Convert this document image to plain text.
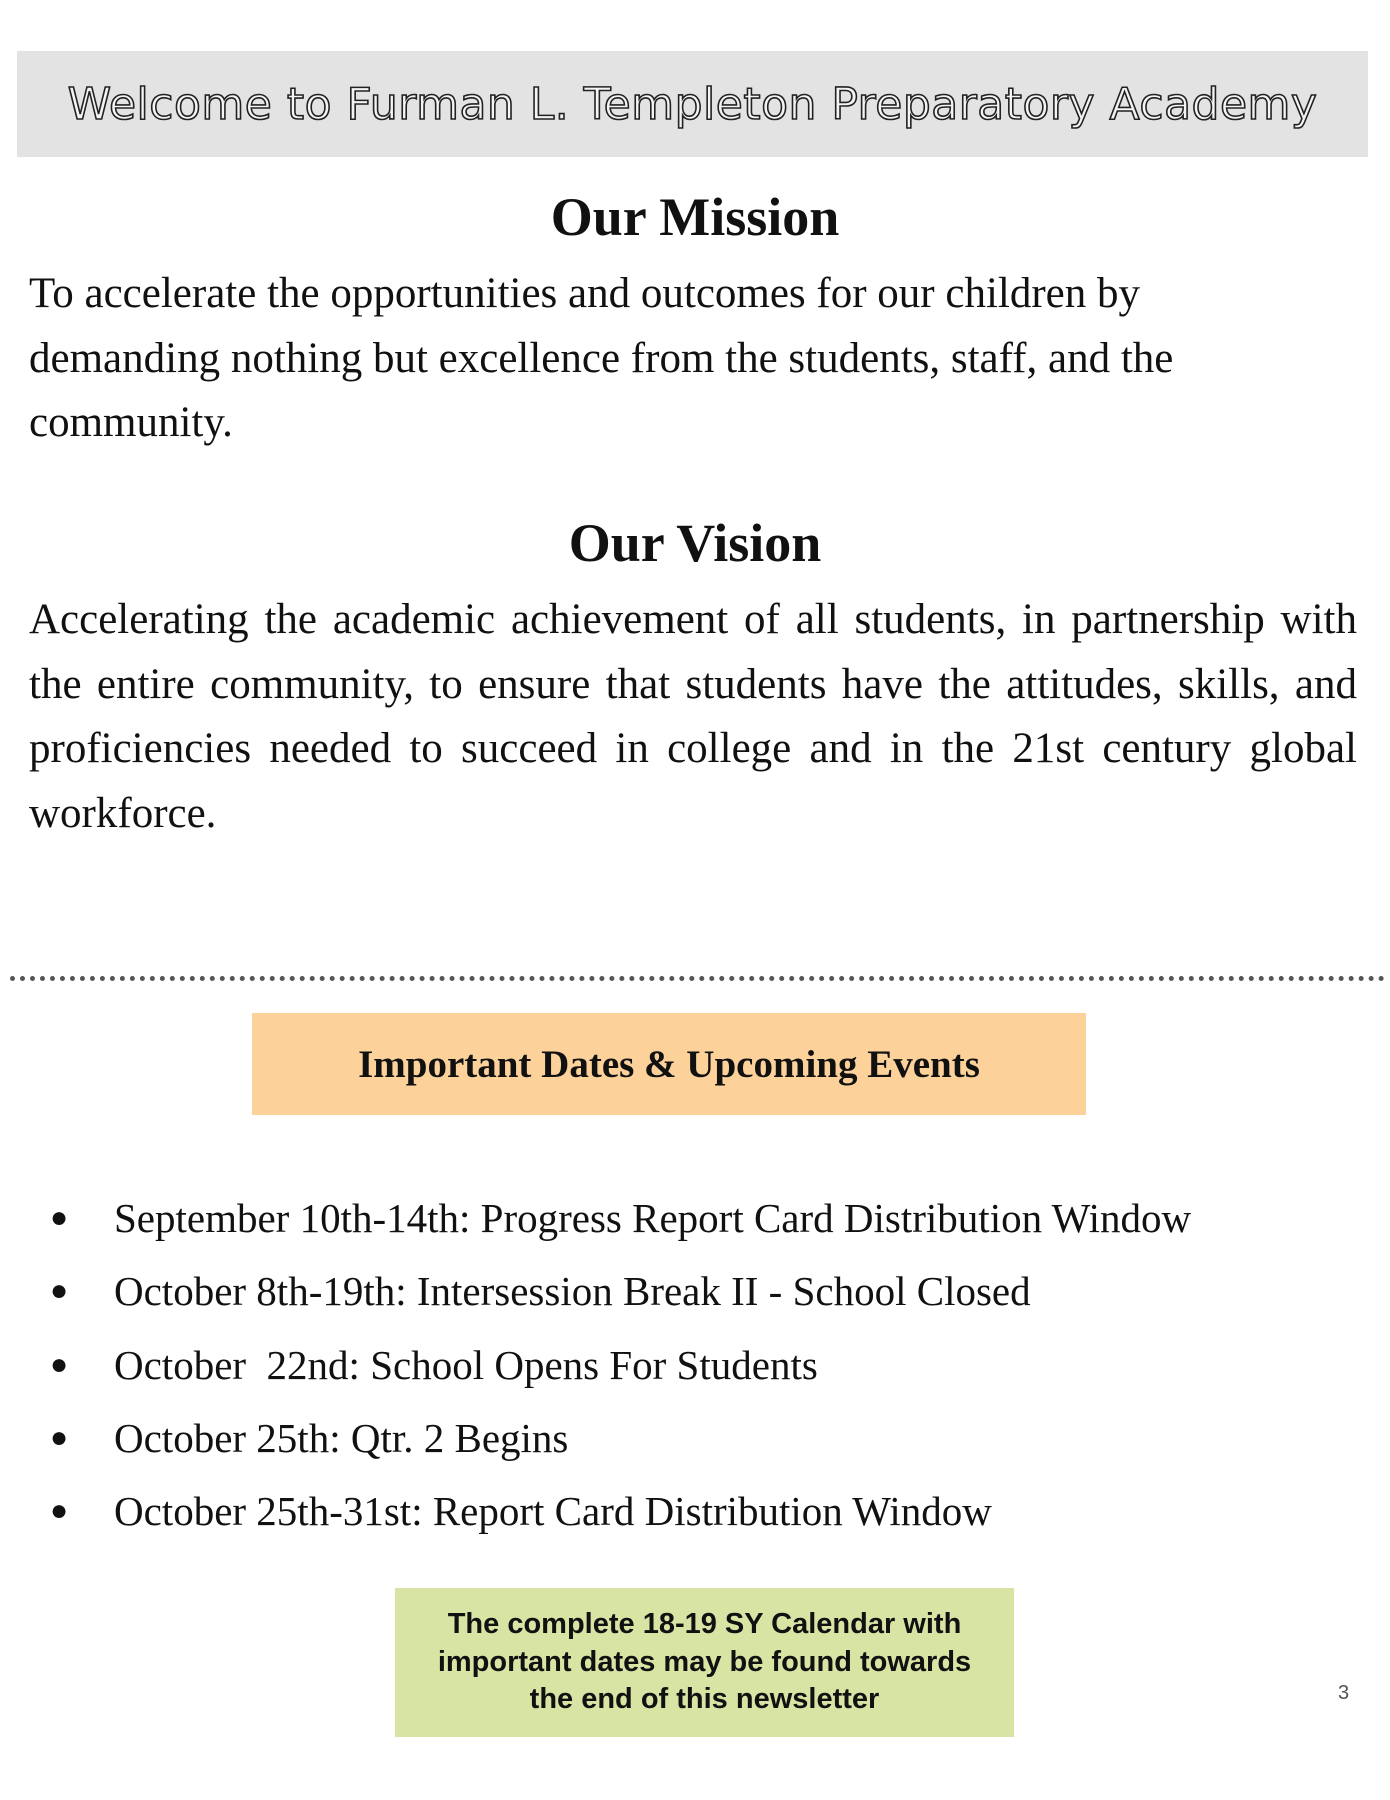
Welcome to Furman L. Templeton Preparatory Academy
Our Mission
To accelerate the opportunities and outcomes for our children by demanding nothing but excellence from the students, staff, and the community.
Our Vision
Accelerating the academic achievement of all students, in partnership with the entire community, to ensure that students have the attitudes, skills, and proficiencies needed to succeed in college and in the 21st century global workforce.
Important Dates & Upcoming Events
● September 10th-14th: Progress Report Card Distribution Window
● October 8th-19th: Intersession Break II - School Closed
● October  22nd: School Opens For Students
● October 25th: Qtr. 2 Begins
● October 25th-31st: Report Card Distribution Window
The complete 18-19 SY Calendar with important dates may be found towards the end of this newsletter	3
